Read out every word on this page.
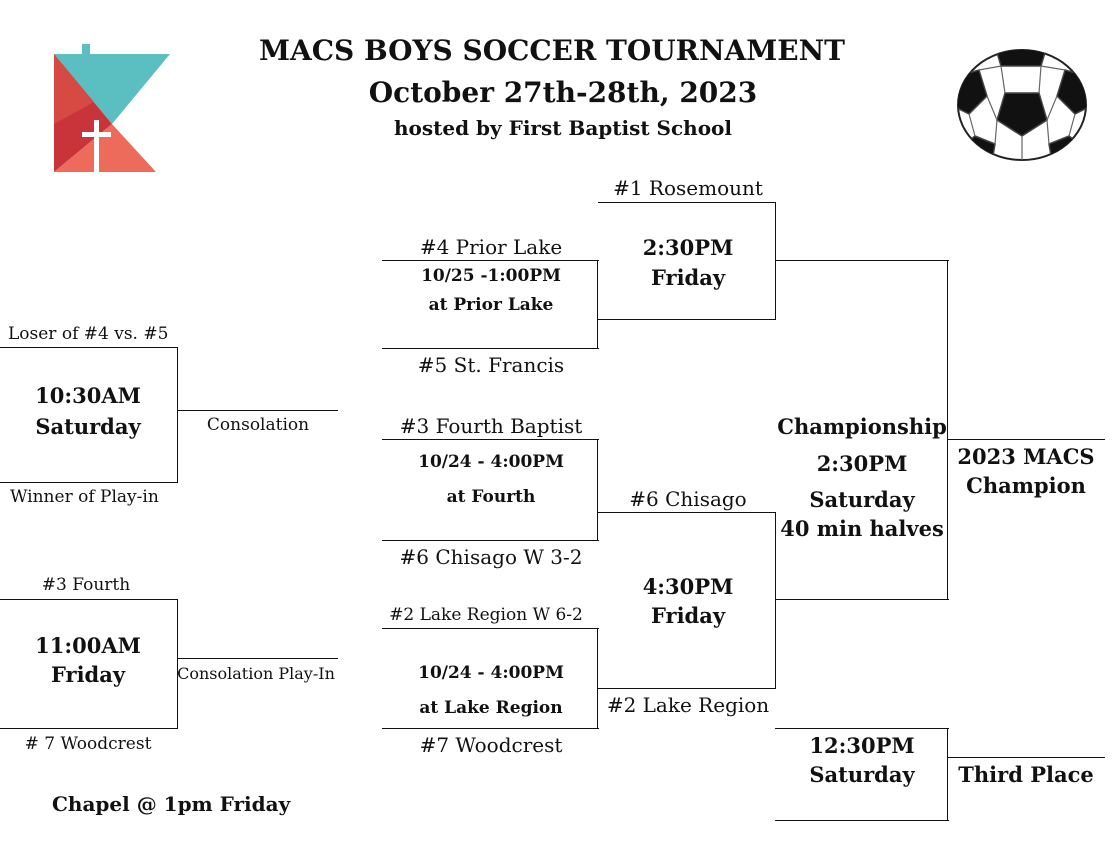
MACS BOYS SOCCER TOURNAMENT
October 27th-28th, 2023
hosted by First Baptist School
Loser of #4 vs. #5
10:30AM
Saturday
Winner of Play-in
Consolation
#3 Fourth
11:00AM
Friday
# 7 Woodcrest
Consolation Play-In
Chapel @ 1pm Friday
#4 Prior Lake
10/25 -1:00PM
at Prior Lake
#5 St. Francis
#3 Fourth Baptist
10/24 - 4:00PM
at Fourth
#6 Chisago W 3-2
#2 Lake Region W 6-2
10/24 - 4:00PM
at Lake Region
#7 Woodcrest
#1 Rosemount
2:30PM
Friday
#6 Chisago
4:30PM
Friday
#2 Lake Region
Championship
2:30PM
Saturday
40 min halves
2023 MACS
Champion
12:30PM
Saturday Third Place
